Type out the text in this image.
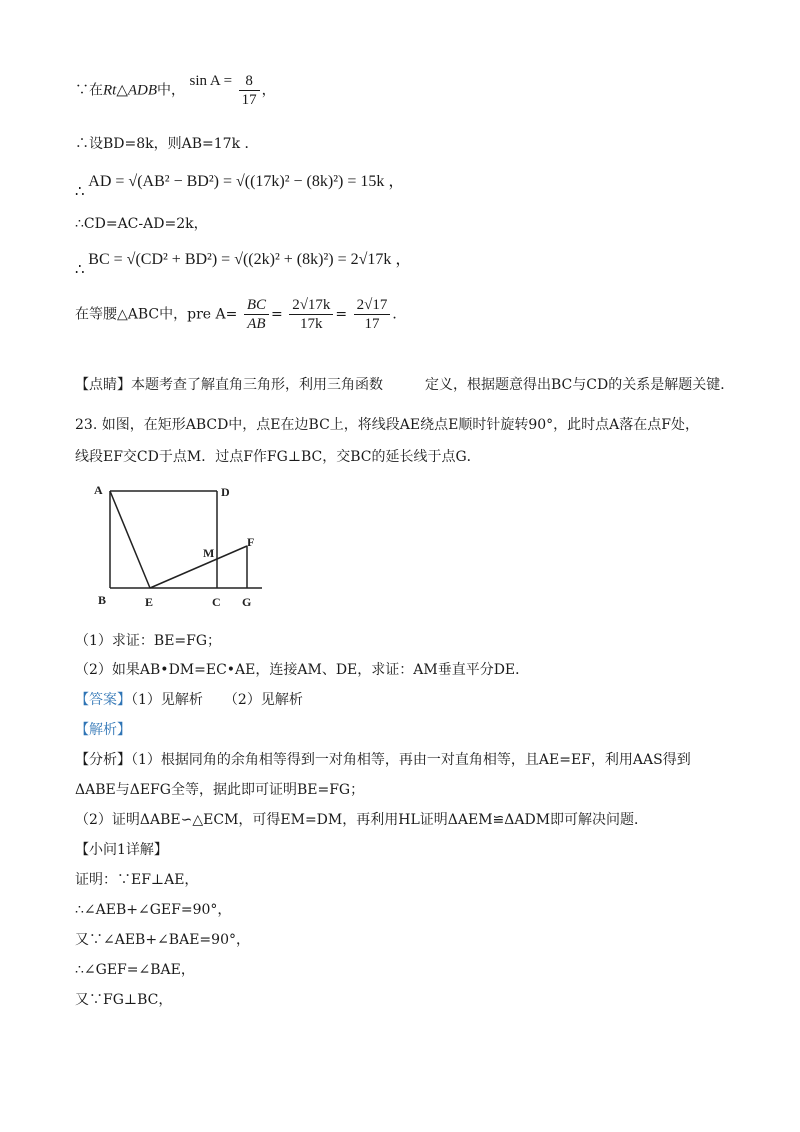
∵在Rt△ADB中， $\sin A = \frac{8}{17}$ ，
∴设BD=8k，则AB=17k ．
∴ AD = √(AB² − BD²) = √((17k)² − (8k)²) = 15k ，
∴CD=AC-AD=2k，
∴ BC = √(CD² + BD²) = √((2k)² + (8k)²) = 2√17k ，
在等腰△ABC中，pre $A= \frac{BC}{AB} = \frac{2√17k}{17k} = \frac{2√17}{17}$ ．
【点睛】本题考查了解直角三角形，利用三角函数　　　定义，根据题意得出BC与CD的关系是解题关键．
23. 如图，在矩形ABCD中，点E在边BC上，将线段AE绕点E顺时针旋转90°，此时点A落在点F处，
线段EF交CD于点M．过点F作FG⊥BC，交BC的延长线于点G．
A	D
B	E	C G
M
F
（1）求证：BE=FG；
（2）如果AB•DM=EC•AE，连接AM、DE，求证：AM垂直平分DE．
【答案】（1）见解析　　（2）见解析
【解析】
【分析】（1）根据同角的余角相等得到一对角相等，再由一对直角相等，且AE=EF，利用AAS得到
ΔABE与ΔEFG全等，据此即可证明BE=FG；
（2）证明ΔABE∽△ECM，可得EM=DM，再利用HL证明ΔAEM≌ΔADM即可解决问题．
【小问1详解】
证明：∵EF⊥AE，
∴∠AEB+∠GEF=90°，
又∵∠AEB+∠BAE=90°，
∴∠GEF=∠BAE，
又∵FG⊥BC，
